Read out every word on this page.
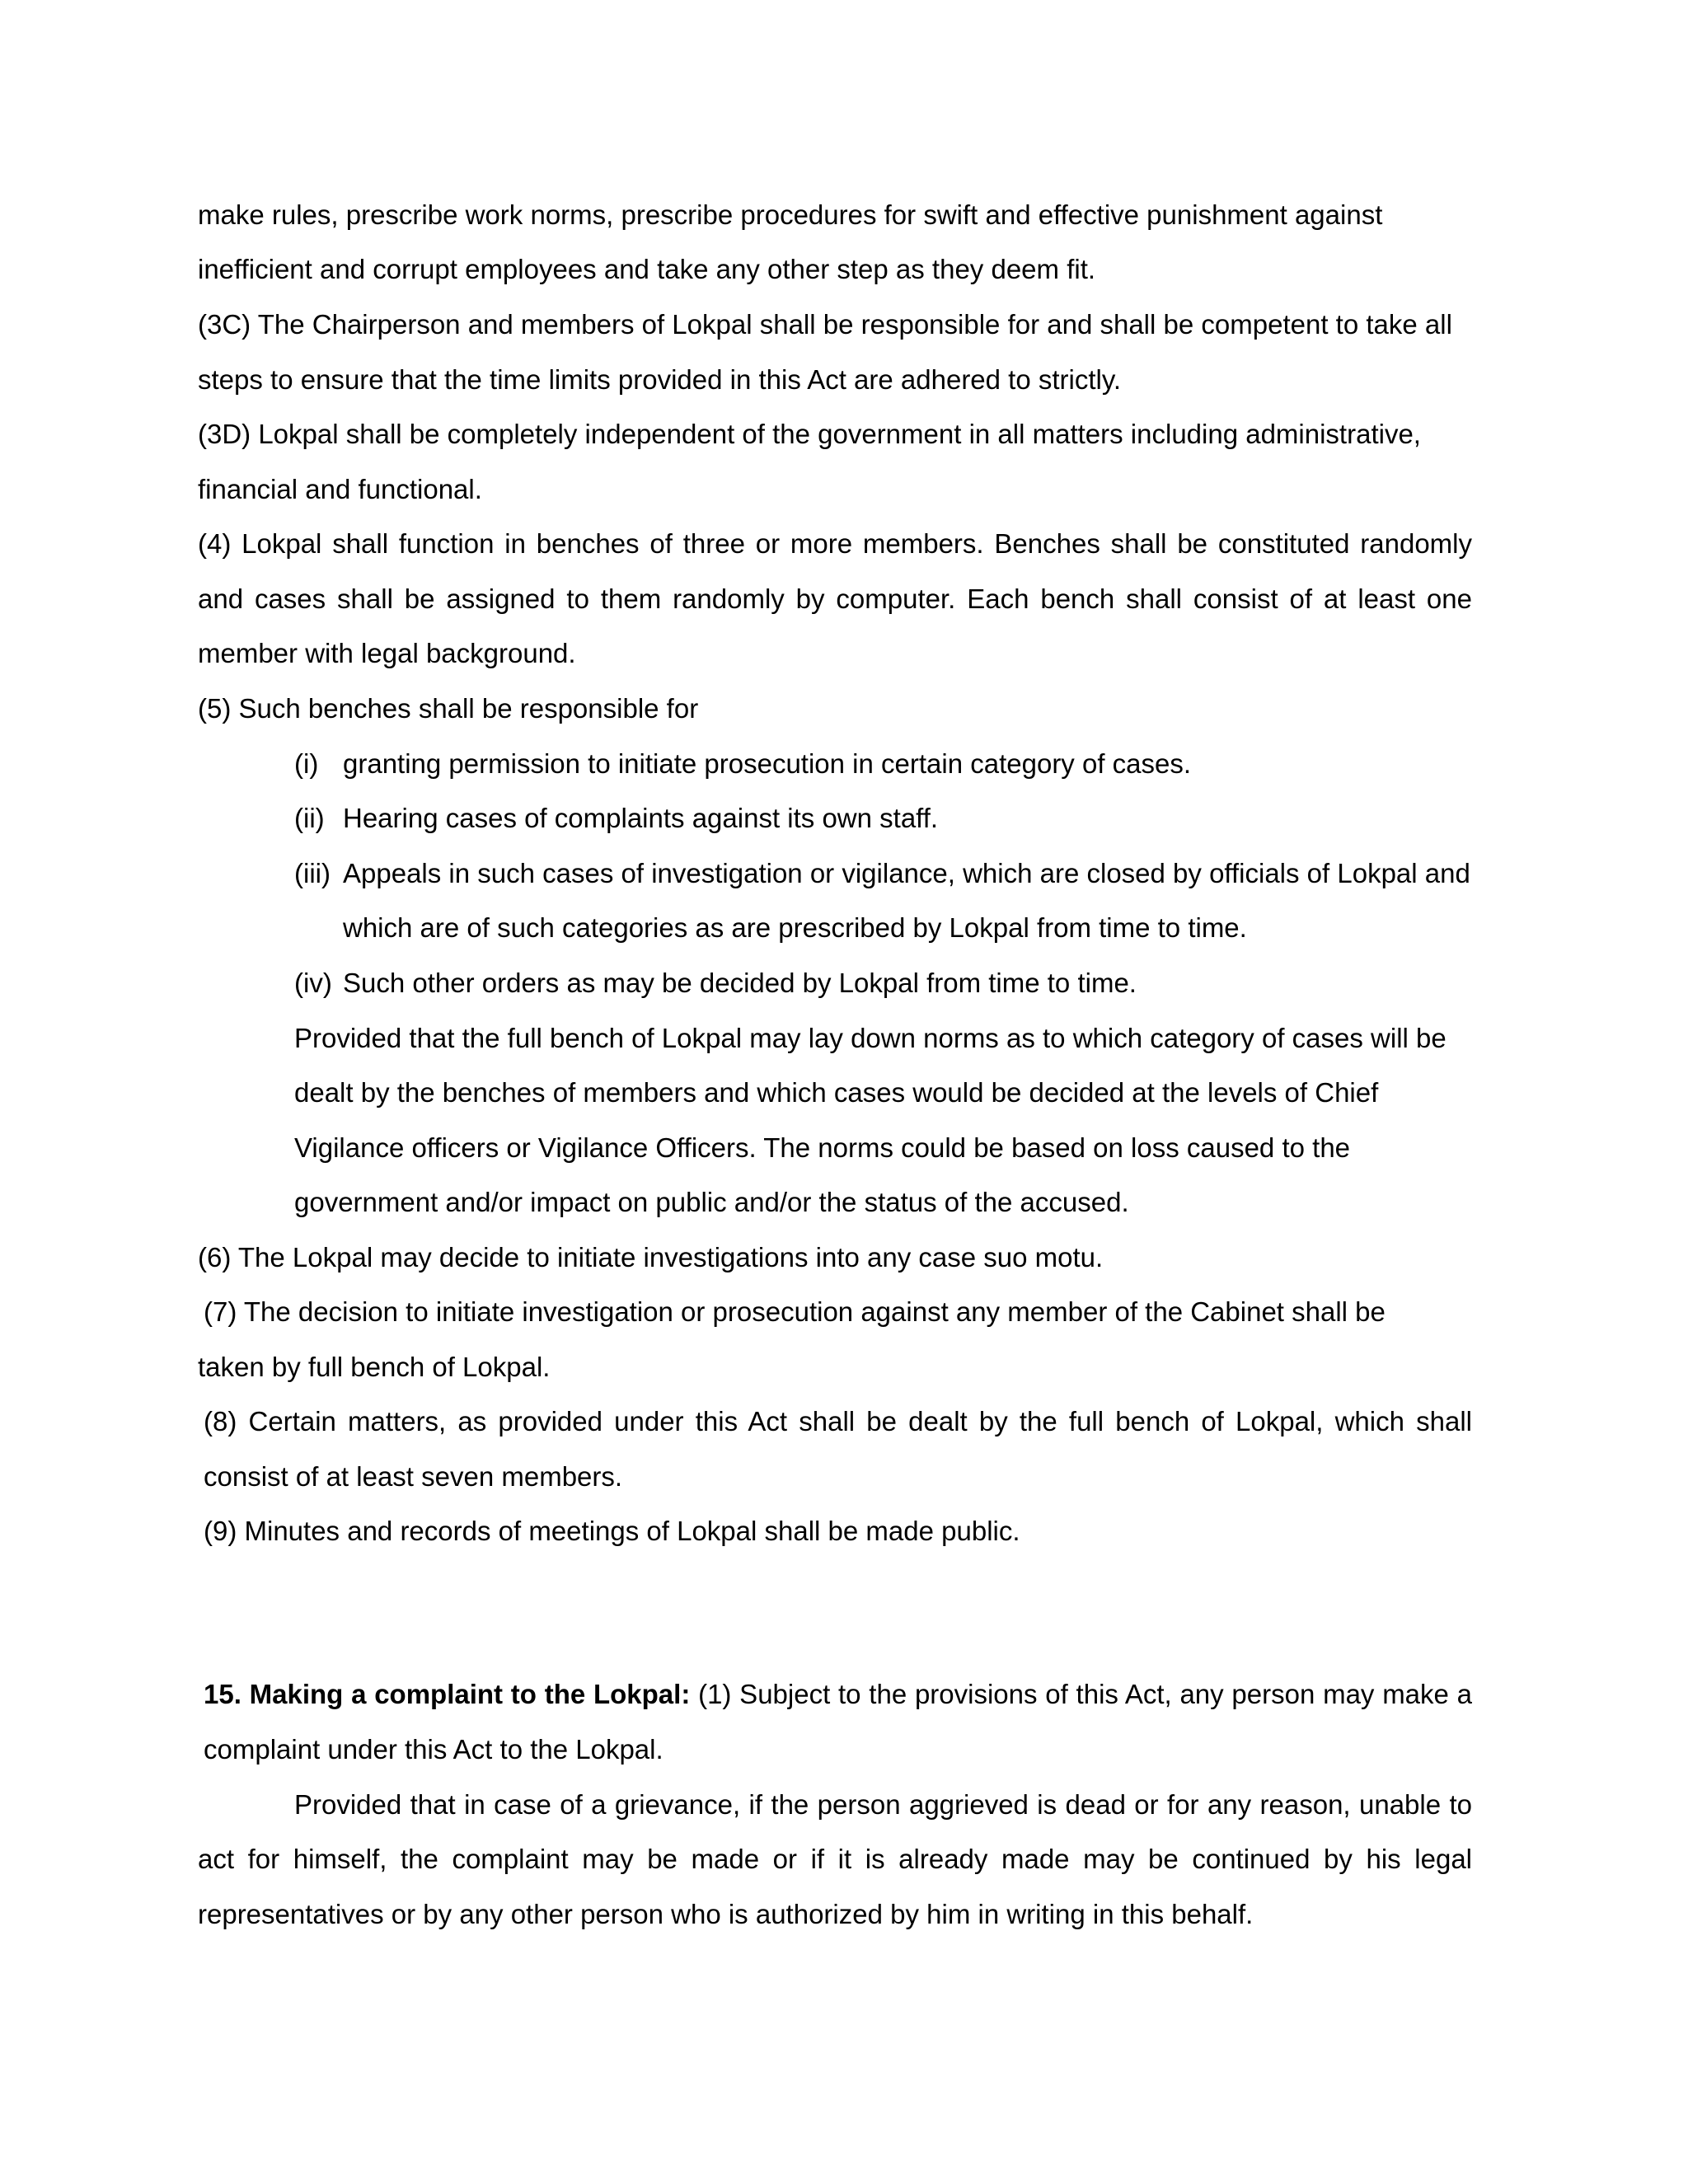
make rules, prescribe work norms, prescribe procedures for swift and effective punishment against

inefficient and corrupt employees and take any other step as they deem fit.

(3C) The Chairperson and members of Lokpal shall be responsible for and shall be competent to take all

steps to ensure that the time limits provided in this Act are adhered to strictly.

(3D) Lokpal shall be completely independent of the government in all matters including administrative,

financial and functional.

(4) Lokpal shall function in benches of three or more members. Benches shall be constituted randomly

and cases shall be assigned to them randomly by computer. Each bench shall consist of at least one

member with legal background.

(5) Such benches shall be responsible for

(i) granting permission to initiate prosecution in certain category of cases.

(ii) Hearing cases of complaints against its own staff.

(iii) Appeals in such cases of investigation or vigilance, which are closed by officials of Lokpal and

which are of such categories as are prescribed by Lokpal from time to time.

(iv) Such other orders as may be decided by Lokpal from time to time.

Provided that the full bench of Lokpal may lay down norms as to which category of cases will be

dealt by the benches of members and which cases would be decided at the levels of Chief

Vigilance officers or Vigilance Officers. The norms could be based on loss caused to the

government and/or impact on public and/or the status of the accused.

(6) The Lokpal may decide to initiate investigations into any case suo motu.

(7) The decision to initiate investigation or prosecution against any member of the Cabinet shall be

taken by full bench of Lokpal.

(8) Certain matters, as provided under this Act shall be dealt by the full bench of Lokpal, which shall

consist of at least seven members.

(9) Minutes and records of meetings of Lokpal shall be made public.

15. Making a complaint to the Lokpal: (1) Subject to the provisions of this Act, any person may make a

complaint under this Act to the Lokpal.

Provided that in case of a grievance, if the person aggrieved is dead or for any reason, unable to

act for himself, the complaint may be made or if it is already made may be continued by his legal

representatives or by any other person who is authorized by him in writing in this behalf.
